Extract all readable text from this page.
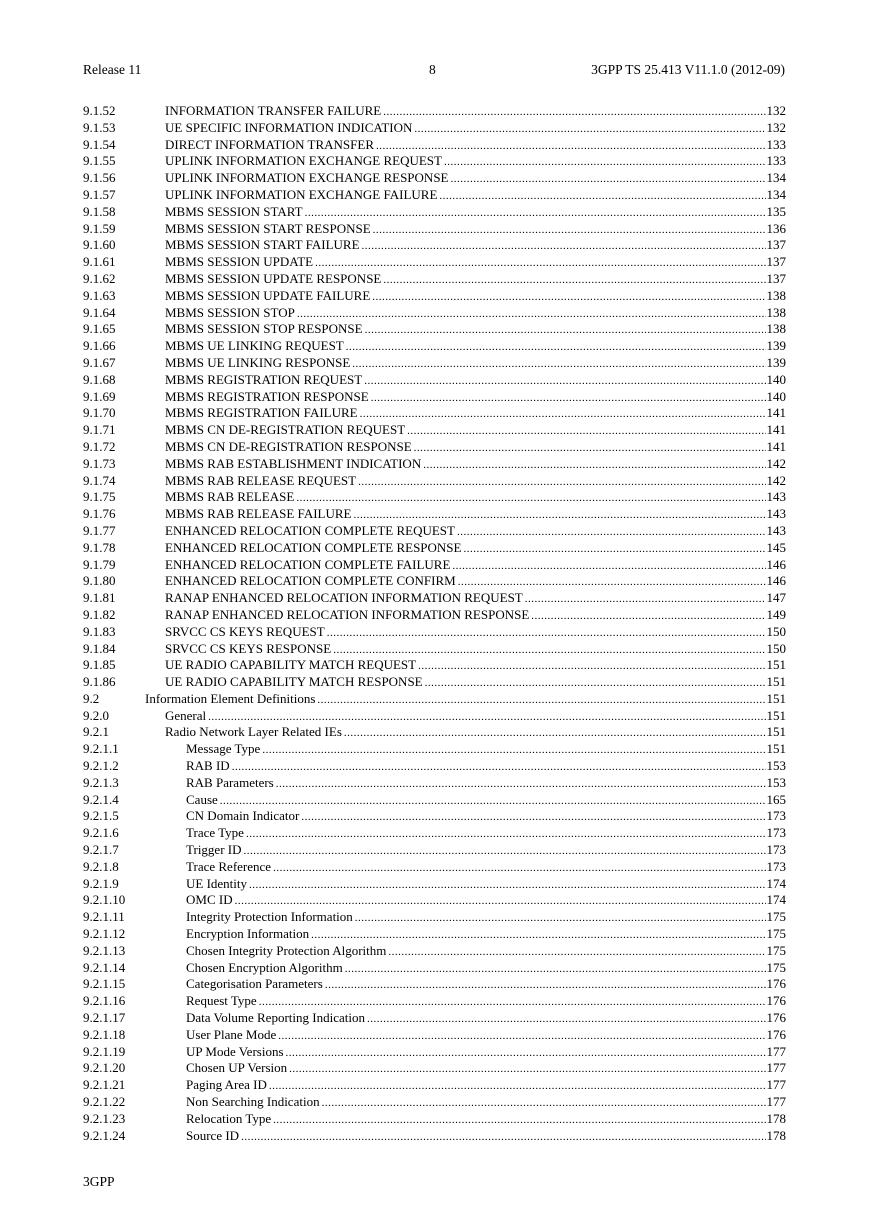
Release 11	8	3GPP TS 25.413 V11.1.0 (2012-09)
9.1.52	INFORMATION TRANSFER FAILURE .....	132
9.1.53	UE SPECIFIC INFORMATION INDICATION .....	132
9.1.54	DIRECT INFORMATION TRANSFER .....	133
9.1.55	UPLINK INFORMATION EXCHANGE REQUEST .....	133
9.1.56	UPLINK INFORMATION EXCHANGE RESPONSE .....	134
9.1.57	UPLINK INFORMATION EXCHANGE FAILURE .....	134
9.1.58	MBMS SESSION START .....	135
9.1.59	MBMS SESSION START RESPONSE .....	136
9.1.60	MBMS SESSION START FAILURE .....	137
9.1.61	MBMS SESSION UPDATE .....	137
9.1.62	MBMS SESSION UPDATE RESPONSE .....	137
9.1.63	MBMS SESSION UPDATE FAILURE .....	138
9.1.64	MBMS SESSION STOP .....	138
9.1.65	MBMS SESSION STOP RESPONSE .....	138
9.1.66	MBMS UE LINKING REQUEST .....	139
9.1.67	MBMS UE LINKING RESPONSE .....	139
9.1.68	MBMS REGISTRATION REQUEST .....	140
9.1.69	MBMS REGISTRATION RESPONSE .....	140
9.1.70	MBMS REGISTRATION FAILURE .....	141
9.1.71	MBMS CN DE-REGISTRATION REQUEST .....	141
9.1.72	MBMS CN DE-REGISTRATION RESPONSE .....	141
9.1.73	MBMS RAB ESTABLISHMENT INDICATION .....	142
9.1.74	MBMS RAB RELEASE REQUEST .....	142
9.1.75	MBMS RAB RELEASE .....	143
9.1.76	MBMS RAB RELEASE FAILURE .....	143
9.1.77	ENHANCED RELOCATION COMPLETE REQUEST .....	143
9.1.78	ENHANCED RELOCATION COMPLETE RESPONSE .....	145
9.1.79	ENHANCED RELOCATION COMPLETE FAILURE .....	146
9.1.80	ENHANCED RELOCATION COMPLETE CONFIRM .....	146
9.1.81	RANAP ENHANCED RELOCATION INFORMATION REQUEST .....	147
9.1.82	RANAP ENHANCED RELOCATION INFORMATION RESPONSE .....	149
9.1.83	SRVCC CS KEYS REQUEST .....	150
9.1.84	SRVCC CS KEYS RESPONSE .....	150
9.1.85	UE RADIO CAPABILITY MATCH REQUEST .....	151
9.1.86	UE RADIO CAPABILITY MATCH RESPONSE .....	151
9.2	Information Element Definitions .....	151
9.2.0	General .....	151
9.2.1	Radio Network Layer Related IEs .....	151
9.2.1.1	Message Type .....	151
9.2.1.2	RAB ID .....	153
9.2.1.3	RAB Parameters .....	153
9.2.1.4	Cause .....	165
9.2.1.5	CN Domain Indicator .....	173
9.2.1.6	Trace Type .....	173
9.2.1.7	Trigger ID .....	173
9.2.1.8	Trace Reference .....	173
9.2.1.9	UE Identity .....	174
9.2.1.10	OMC ID .....	174
9.2.1.11	Integrity Protection Information .....	175
9.2.1.12	Encryption Information .....	175
9.2.1.13	Chosen Integrity Protection Algorithm .....	175
9.2.1.14	Chosen Encryption Algorithm .....	175
9.2.1.15	Categorisation Parameters .....	176
9.2.1.16	Request Type .....	176
9.2.1.17	Data Volume Reporting Indication .....	176
9.2.1.18	User Plane Mode .....	176
9.2.1.19	UP Mode Versions .....	177
9.2.1.20	Chosen UP Version .....	177
9.2.1.21	Paging Area ID .....	177
9.2.1.22	Non Searching Indication .....	177
9.2.1.23	Relocation Type .....	178
9.2.1.24	Source ID .....	178
3GPP
